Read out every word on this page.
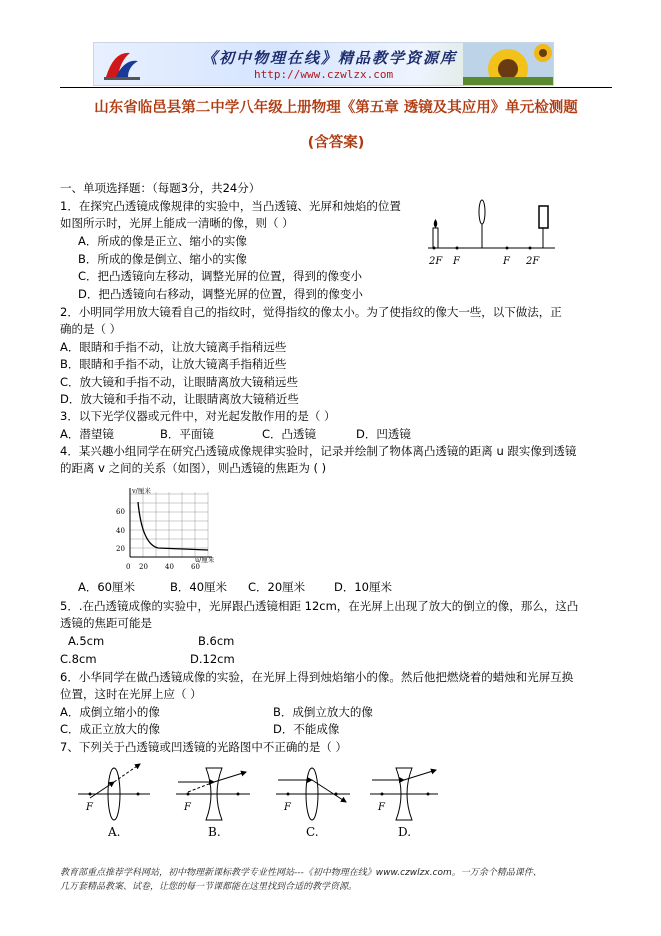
《初中物理在线》精品教学资源库
http://www.czwlzx.com
山东省临邑县第二中学八年级上册物理《第五章 透镜及其应用》单元检测题
(含答案)
一、单项选择题：（每题3分，共24分）
1．在探究凸透镜成像规律的实验中，当凸透镜、光屏和烛焰的位置
如图所示时，光屏上能成一清晰的像，则（ ）
A．所成的像是正立、缩小的实像
B．所成的像是倒立、缩小的实像
C．把凸透镜向左移动，调整光屏的位置，得到的像变小
D．把凸透镜向右移动，调整光屏的位置，得到的像变小
2F F	F 2F
2．小明同学用放大镜看自己的指纹时，觉得指纹的像太小。为了使指纹的像大一些，以下做法，正
确的是（ ）
A．眼睛和手指不动，让放大镜离手指稍远些
B．眼睛和手指不动，让放大镜离手指稍近些
C．放大镜和手指不动，让眼睛离放大镜稍远些
D．放大镜和手指不动，让眼睛离放大镜稍近些
3．以下光学仪器或元件中，对光起发散作用的是（ ）
A．潜望镜	B．平面镜	C．凸透镜	D．凹透镜
4．某兴趣小组同学在研究凸透镜成像规律实验时，记录并绘制了物体离凸透镜的距离 u 跟实像到透镜
的距离 v 之间的关系（如图），则凸透镜的焦距为 ( )
v/厘米
u/厘米
60
40
20
0 20 40 60
A．60厘米	B．40厘米 C．20厘米	D．10厘米
5．.在凸透镜成像的实验中，光屏跟凸透镜相距 12cm，在光屏上出现了放大的倒立的像，那么，这凸
透镜的焦距可能是
A.5cm	B.6cm
C.8cm	D.12cm
6．小华同学在做凸透镜成像的实验，在光屏上得到烛焰缩小的像。然后他把燃烧着的蜡烛和光屏互换
位置，这时在光屏上应（ ）
A．成倒立缩小的像	B．成倒立放大的像
C．成正立放大的像	D．不能成像
7、下列关于凸透镜或凹透镜的光路图中不正确的是（ ）
F
A.
F
B.
F
C.
F
D.
教育部重点推荐学科网站，初中物理新课标教学专业性网站---《初中物理在线》www.czwlzx.com。一万余个精品课件、
几万套精品教案、试卷，让您的每一节课都能在这里找到合适的教学资源。
